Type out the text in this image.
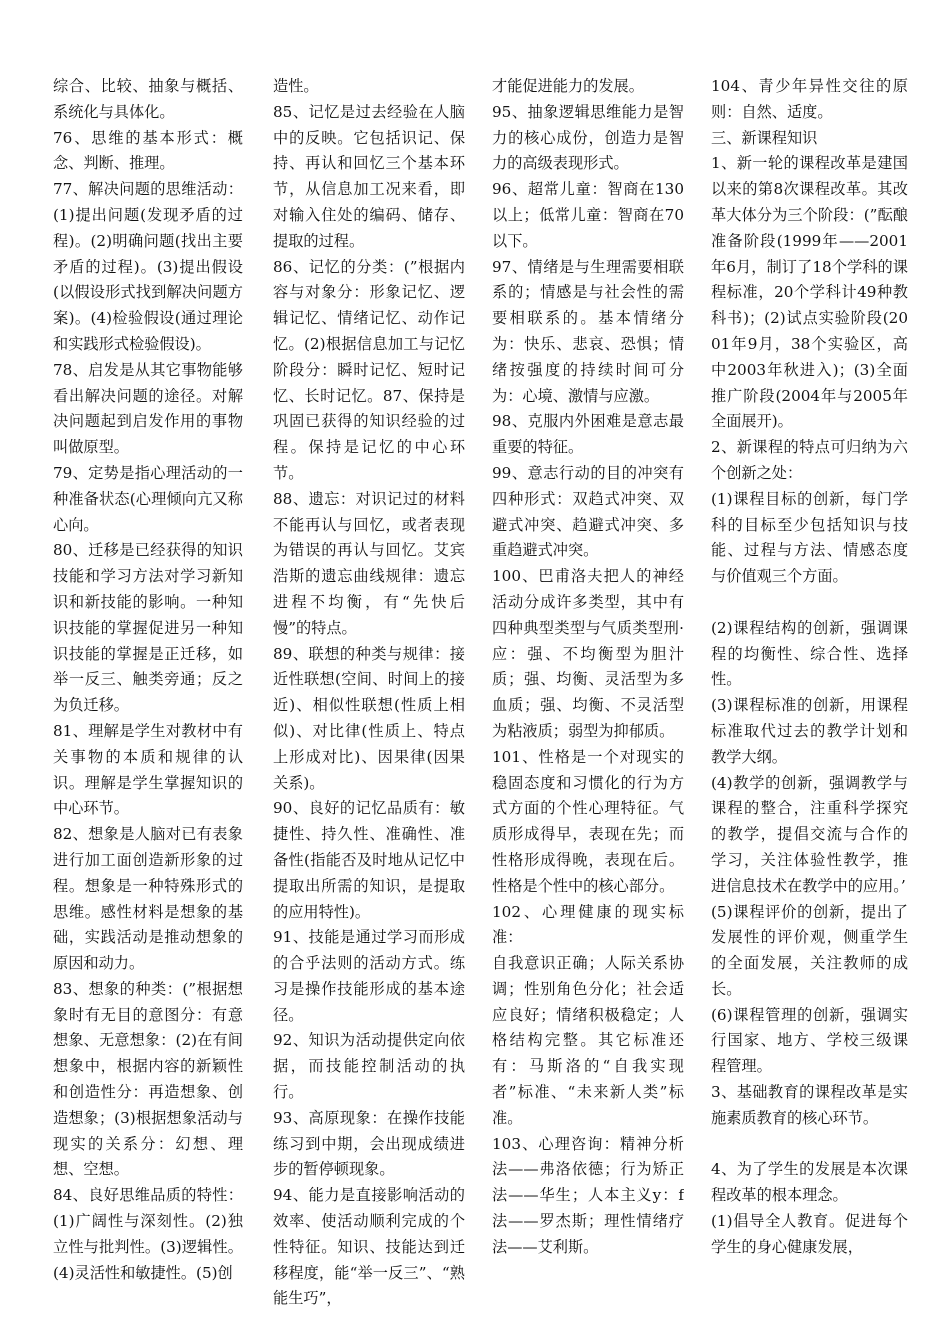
综合、比较、抽象与概括、系统化与具体化。

76、思维的基本形式：概念、判断、推理。

77、解决问题的思维活动：(1)提出问题(发现矛盾的过程)。(2)明确问题(找出主要矛盾的过程)。(3)提出假设(以假设形式找到解决问题方案)。(4)检验假设(通过理论和实践形式检验假设)。

78、启发是从其它事物能够看出解决问题的途径。对解决问题起到启发作用的事物叫做原型。

79、定势是指心理活动的一种准备状态(心理倾向亢又称心向。

80、迁移是已经获得的知识技能和学习方法对学习新知识和新技能的影响。一种知识技能的掌握促进另一种知识技能的掌握是正迁移，如举一反三、触类旁通；反之为负迁移。

81、理解是学生对教材中有关事物的本质和规律的认识。理解是学生掌握知识的中心环节。

82、想象是人脑对已有表象进行加工面创造新形象的过程。想象是一种特殊形式的思维。感性材料是想象的基础，实践活动是推动想象的原因和动力。

83、想象的种类：(”根据想象时有无目的意图分：有意想象、无意想象：(2)在有间想象中，根据内容的新颖性和创造性分：再造想象、创造想象；(3)根据想象活动与现实的关系分：幻想、理想、空想。

84、良好思维品质的特性：(1)广阔性与深刻性。(2)独立性与批判性。(3)逻辑性。(4)灵活性和敏捷性。(5)创

造性。

85、记忆是过去经验在人脑中的反映。它包括识记、保持、再认和回忆三个基本环节，从信息加工况来看，即对输入住处的编码、储存、提取的过程。

86、记忆的分类：(”根据内容与对象分：形象记忆、逻辑记忆、情绪记忆、动作记忆。(2)根据信息加工与记忆阶段分：瞬时记忆、短时记忆、长时记忆。87、保持是巩固已获得的知识经验的过程。保持是记忆的中心环节。

88、遗忘：对识记过的材料不能再认与回忆，或者表现为错误的再认与回忆。艾宾浩斯的遗忘曲线规律：遗忘进程不均衡，有“先快后慢”的特点。

89、联想的种类与规律：接近性联想(空间、时间上的接近)、相似性联想(性质上相似)、对比律(性质上、特点上形成对比)、因果律(因果关系)。

90、良好的记忆品质有：敏捷性、持久性、准确性、准备性(指能否及时地从记忆中提取出所需的知识，是提取的应用特性)。

91、技能是通过学习而形成的合乎法则的活动方式。练习是操作技能形成的基本途径。

92、知识为活动提供定向依据，而技能控制活动的执行。

93、高原现象：在操作技能练习到中期，会出现成绩进步的暂停顿现象。

94、能力是直接影响活动的效率、使活动顺利完成的个性特征。知识、技能达到迁移程度，能“举一反三”、“熟能生巧”，

才能促进能力的发展。

95、抽象逻辑思维能力是智力的核心成份，创造力是智力的高级表现形式。

96、超常儿童：智商在130以上；低常儿童：智商在70以下。

97、情绪是与生理需要相联系的；情感是与社会性的需要相联系的。基本情绪分为：快乐、悲哀、恐惧；情绪按强度的持续时间可分为：心境、激情与应激。

98、克服内外困难是意志最重要的特征。

99、意志行动的目的冲突有四种形式：双趋式冲突、双避式冲突、趋避式冲突、多重趋避式冲突。

100、巴甫洛夫把人的神经活动分成许多类型，其中有四种典型类型与气质类型刑·应：强、不均衡型为胆汁质；强、均衡、灵活型为多血质；强、均衡、不灵活型为粘液质；弱型为抑郁质。

101、性格是一个对现实的稳固态度和习惯化的行为方式方面的个性心理特征。气质形成得早，表现在先；而性格形成得晚，表现在后。性格是个性中的核心部分。

102、心理健康的现实标准：

自我意识正确；人际关系协调；性别角色分化；社会适应良好；情绪积极稳定；人格结构完整。其它标准还有：马斯洛的“自我实现者”标准、“未来新人类”标准。

103、心理咨询：精神分析法——弗洛依德；行为矫正法——华生；人本主义y：f法——罗杰斯；理性情绪疗法——艾利斯。

104、青少年异性交往的原则：自然、适度。

三、新课程知识

1、新一轮的课程改革是建国以来的第8次课程改革。其改革大体分为三个阶段：(”酝酿准备阶段(1999年——2001年6月，制订了18个学科的课程标准，20个学科计49种教科书)；(2)试点实验阶段(2001年9月，38个实验区，高中2003年秋进入)；(3)全面推广阶段(2004年与2005年全面展开)。

2、新课程的特点可归纳为六个创新之处：

(1)课程目标的创新，每门学科的目标至少包括知识与技能、过程与方法、情感态度与价值观三个方面。

(2)课程结构的创新，强调课程的均衡性、综合性、选择性。

(3)课程标准的创新，用课程标准取代过去的教学计划和教学大纲。

(4)教学的创新，强调教学与课程的整合，注重科学探究的教学，提倡交流与合作的学习，关注体验性教学，推进信息技术在教学中的应用。’

(5)课程评价的创新，提出了发展性的评价观，侧重学生的全面发展，关注教师的成长。

(6)课程管理的创新，强调实行国家、地方、学校三级课程管理。

3、基础教育的课程改革是实施素质教育的核心环节。

4、为了学生的发展是本次课程改革的根本理念。

(1)倡导全人教育。促进每个学生的身心健康发展，
